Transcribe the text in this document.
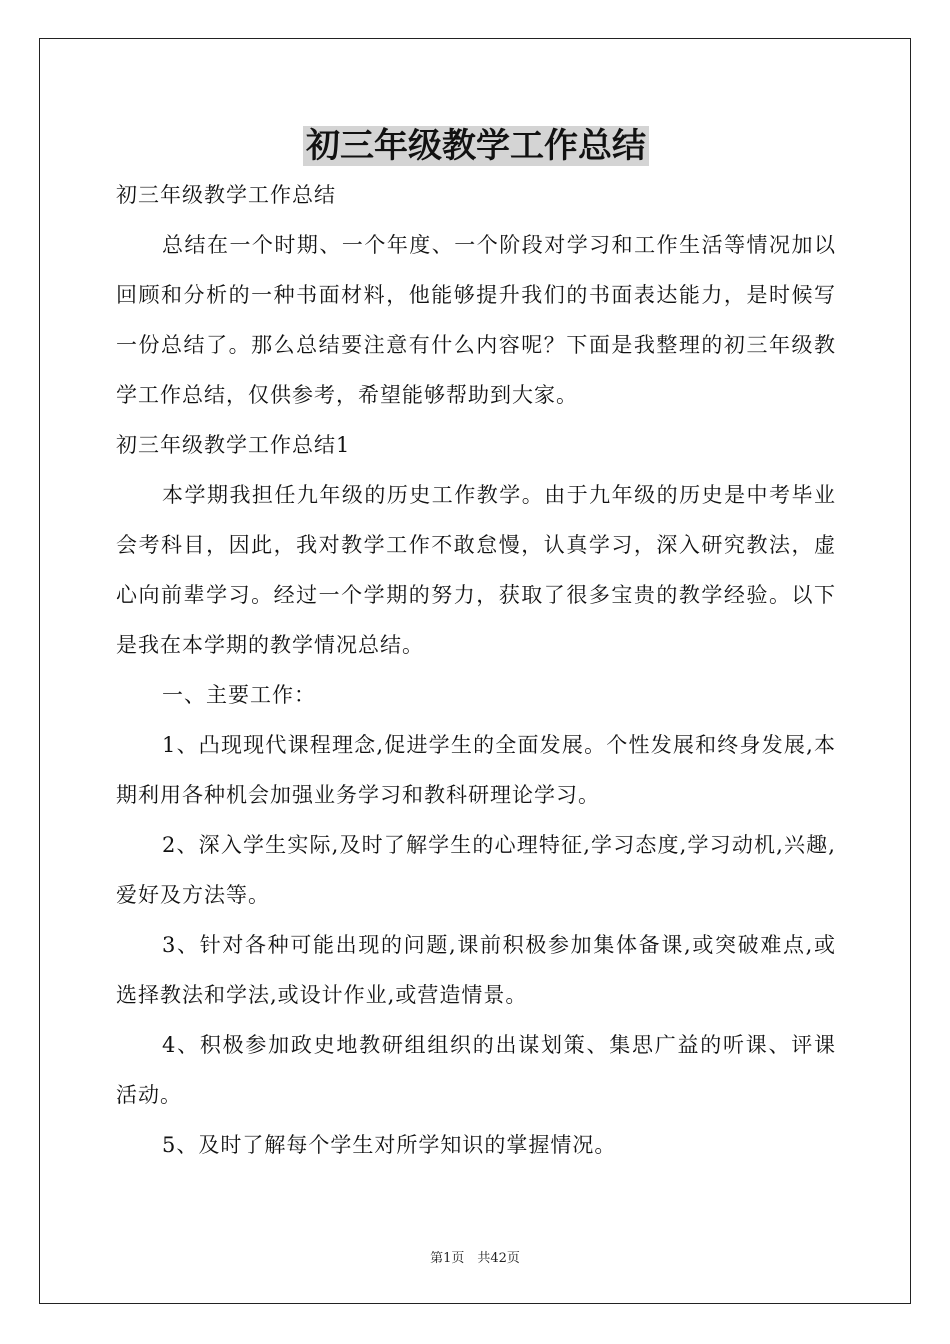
初三年级教学工作总结

初三年级教学工作总结

总结在一个时期、一个年度、一个阶段对学习和工作生活等情况加以回顾和分析的一种书面材料，他能够提升我们的书面表达能力，是时候写一份总结了。那么总结要注意有什么内容呢？下面是我整理的初三年级教学工作总结，仅供参考，希望能够帮助到大家。

初三年级教学工作总结1

本学期我担任九年级的历史工作教学。由于九年级的历史是中考毕业会考科目，因此，我对教学工作不敢怠慢，认真学习，深入研究教法，虚心向前辈学习。经过一个学期的努力，获取了很多宝贵的教学经验。以下是我在本学期的教学情况总结。

一、主要工作：

1、凸现现代课程理念,促进学生的全面发展。个性发展和终身发展,本期利用各种机会加强业务学习和教科研理论学习。

2、深入学生实际,及时了解学生的心理特征,学习态度,学习动机,兴趣,爱好及方法等。

3、针对各种可能出现的问题,课前积极参加集体备课,或突破难点,或选择教法和学法,或设计作业,或营造情景。

4、积极参加政史地教研组组织的出谋划策、集思广益的听课、评课活动。

5、及时了解每个学生对所学知识的掌握情况。

第1页　共42页
